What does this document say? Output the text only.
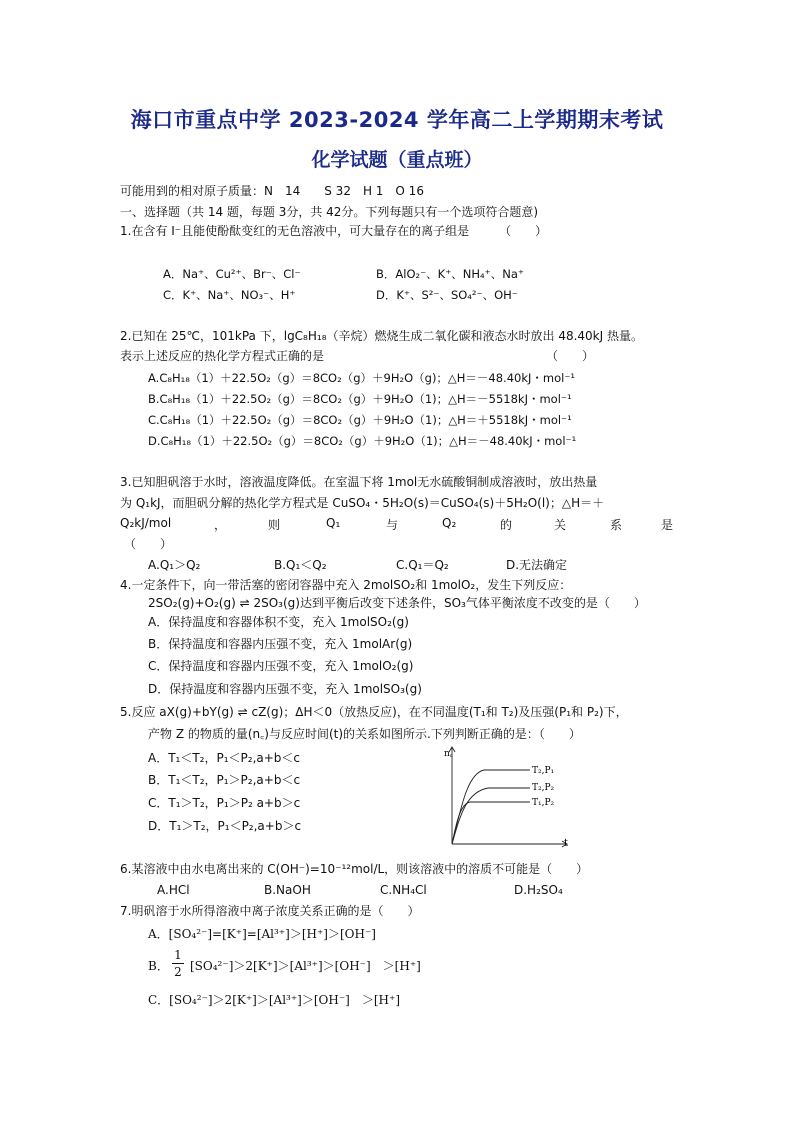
海口市重点中学 2023-2024 学年高二上学期期末考试
化学试题（重点班）
可能用到的相对原子质量：N　14　　S 32　H 1　O 16
一、选择题（共 14 题，每题 3分，共 42分。下列每题只有一个选项符合题意)
1.在含有 I⁻且能使酚酞变红的无色溶液中，可大量存在的离子组是　　　（　　）
A．Na⁺、Cu²⁺、Br⁻、Cl⁻	B．AlO₂⁻、K⁺、NH₄⁺、Na⁺
C．K⁺、Na⁺、NO₃⁻、H⁺	D．K⁺、S²⁻、SO₄²⁻、OH⁻
2.已知在 25℃，101kPa 下，lgC₈H₁₈（辛烷）燃烧生成二氧化碳和液态水时放出 48.40kJ 热量。
表示上述反应的热化学方程式正确的是　　　　　　　　　　　　　　　　　　　（　　）
A.C₈H₁₈（1）＋22.5O₂（g）＝8CO₂（g）＋9H₂O（g)；△H＝－48.40kJ・mol⁻¹
B.C₈H₁₈（1）＋22.5O₂（g）＝8CO₂（g）＋9H₂O（1)；△H＝－5518kJ・mol⁻¹
C.C₈H₁₈（1）＋22.5O₂（g）＝8CO₂（g）＋9H₂O（1)；△H＝＋5518kJ・mol⁻¹
D.C₈H₁₈（1）＋22.5O₂（g）＝8CO₂（g）＋9H₂O（1)；△H＝－48.40kJ・mol⁻¹
3.已知胆矾溶于水时，溶液温度降低。在室温下将 1mol无水硫酸铜制成溶液时，放出热量
为 Q₁kJ，而胆矾分解的热化学方程式是 CuSO₄・5H₂O(s)＝CuSO₄(s)＋5H₂O(l)；△H＝＋
Q₂kJ/mol	，	则	Q₁	与	Q₂	的	关	系	是
（　　）
A.Q₁＞Q₂	B.Q₁＜Q₂	C.Q₁＝Q₂	D.无法确定
4.一定条件下，向一带活塞的密闭容器中充入 2molSO₂和 1molO₂，发生下列反应：
2SO₂(g)+O₂(g) ⇌ 2SO₃(g)达到平衡后改变下述条件，SO₃气体平衡浓度不改变的是（　　）
A．保持温度和容器体积不变，充入 1molSO₂(g)
B．保持温度和容器内压强不变，充入 1molAr(g)
C．保持温度和容器内压强不变，充入 1molO₂(g)
D．保持温度和容器内压强不变，充入 1molSO₃(g)
5.反应 aX(g)+bY(g) ⇌ cZ(g)；ΔH＜0（放热反应)，在不同温度(T₁和 T₂)及压强(P₁和 P₂)下，
产物 Z 的物质的量(n꜀)与反应时间(t)的关系如图所示.下列判断正确的是：（　　）
A．T₁＜T₂，P₁＜P₂,a+b＜c
B．T₁＜T₂，P₁＞P₂,a+b＜c
C．T₁＞T₂，P₁＞P₂ a+b＞c
D．T₁＞T₂，P₁＜P₂,a+b＞c
n꜀
t
T₂,P₁
T₂,P₂
T₁,P₂
6.某溶液中由水电离出来的 C(OH⁻)=10⁻¹²mol/L，则该溶液中的溶质不可能是（　　）
A.HCl	B.NaOH	C.NH₄Cl	D.H₂SO₄
7.明矾溶于水所得溶液中离子浓度关系正确的是（　　）
A．[SO₄²⁻]=[K⁺]=[Al³⁺]＞[H⁺]＞[OH⁻]
B．
1
2 [SO₄²⁻]＞2[K⁺]＞[Al³⁺]＞[OH⁻]　＞[H⁺]
C．[SO₄²⁻]＞2[K⁺]＞[Al³⁺]＞[OH⁻]　＞[H⁺]
